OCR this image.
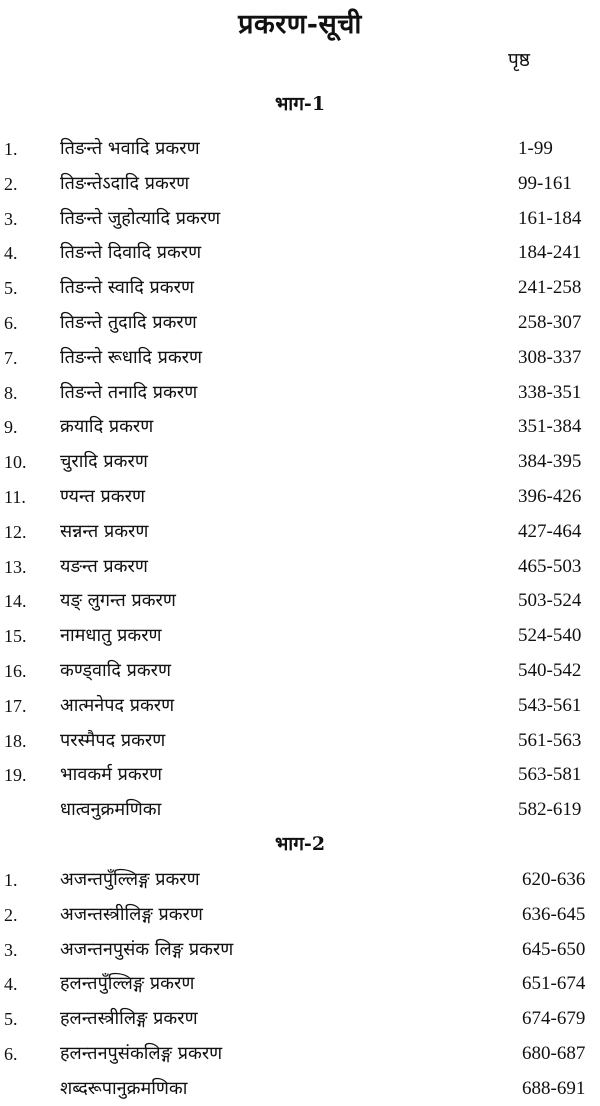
प्रकरण-सूची
पृष्ठ
भाग-1
1. तिङन्ते भवादि प्रकरण	1-99
2. तिङन्तेऽदादि प्रकरण	99-161
3. तिङन्ते जुहोत्यादि प्रकरण	161-184
4. तिङन्ते दिवादि प्रकरण	184-241
5. तिङन्ते स्वादि प्रकरण	241-258
6. तिङन्ते तुदादि प्रकरण	258-307
7. तिङन्ते रूधादि प्रकरण	308-337
8. तिङन्ते तनादि प्रकरण	338-351
9. क्रयादि प्रकरण	351-384
10. चुरादि प्रकरण	384-395
11. ण्यन्त प्रकरण	396-426
12. सन्नन्त प्रकरण	427-464
13. यङन्त प्रकरण	465-503
14. यङ् लुगन्त प्रकरण	503-524
15. नामधातु प्रकरण	524-540
16. कण्ड्वादि प्रकरण	540-542
17. आत्मनेपद प्रकरण	543-561
18. परस्मैपद प्रकरण	561-563
19. भावकर्म प्रकरण	563-581
धात्वनुक्रमणिका	582-619
भाग-2
1. अजन्तपुँल्लिङ्ग प्रकरण	620-636
2. अजन्तस्त्रीलिङ्ग प्रकरण	636-645
3. अजन्तनपुसंक लिङ्ग प्रकरण	645-650
4. हलन्तपुँल्लिङ्ग प्रकरण	651-674
5. हलन्तस्त्रीलिङ्ग प्रकरण	674-679
6. हलन्तनपुसंकलिङ्ग प्रकरण	680-687
शब्दरूपानुक्रमणिका	688-691
